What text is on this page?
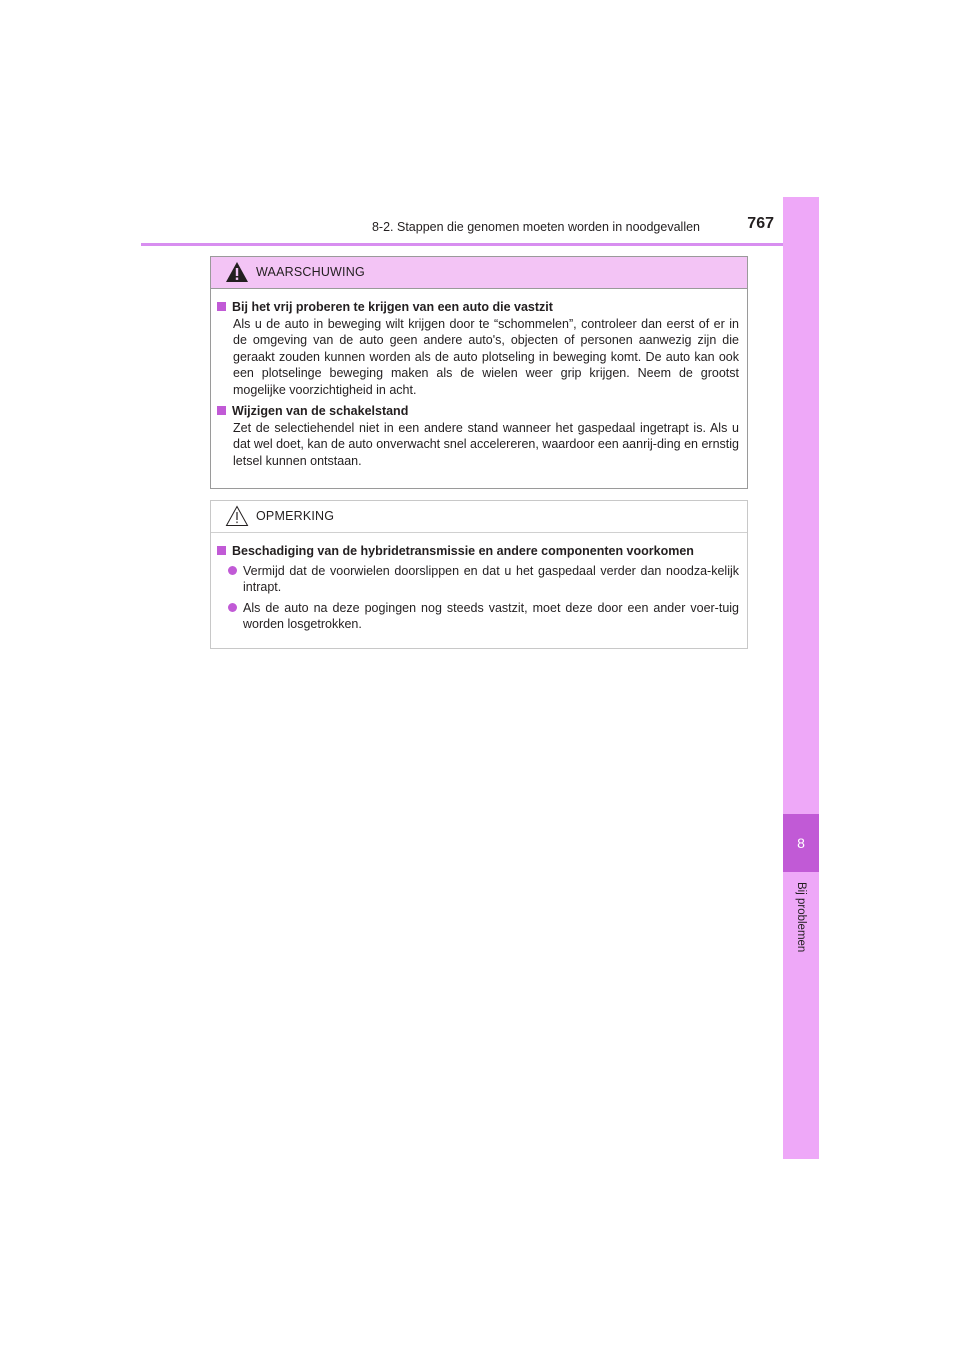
8-2. Stappen die genomen moeten worden in noodgevallen	767
8
Bij problemen
WAARSCHUWING
Bij het vrij proberen te krijgen van een auto die vastzit
Als u de auto in beweging wilt krijgen door te “schommelen”, controleer dan eerst of er in de omgeving van de auto geen andere auto's, objecten of personen aanwezig zijn die geraakt zouden kunnen worden als de auto plotseling in beweging komt. De auto kan ook een plotselinge beweging maken als de wielen weer grip krijgen. Neem de grootst mogelijke voorzichtigheid in acht.
Wijzigen van de schakelstand
Zet de selectiehendel niet in een andere stand wanneer het gaspedaal ingetrapt is. Als u dat wel doet, kan de auto onverwacht snel accelereren, waardoor een aanrij-ding en ernstig letsel kunnen ontstaan.
OPMERKING
Beschadiging van de hybridetransmissie en andere componenten voorkomen
Vermijd dat de voorwielen doorslippen en dat u het gaspedaal verder dan noodza-kelijk intrapt.
Als de auto na deze pogingen nog steeds vastzit, moet deze door een ander voer-tuig worden losgetrokken.
